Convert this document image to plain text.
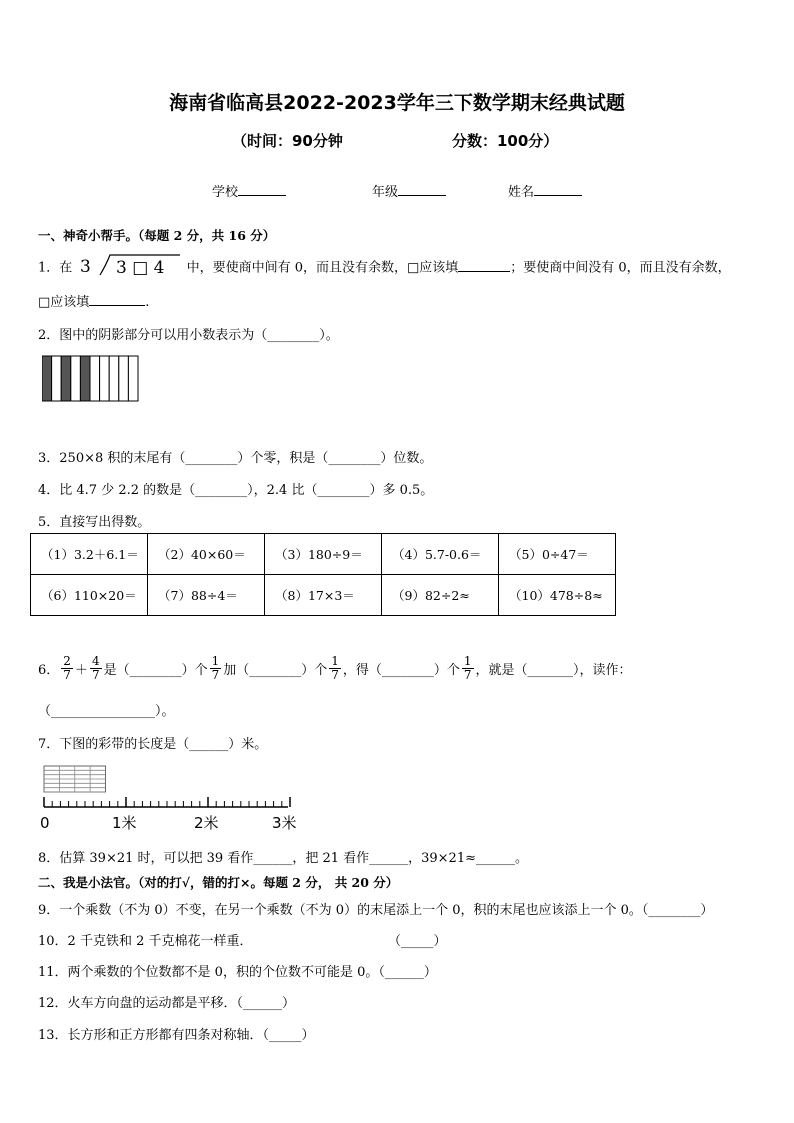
海南省临高县2022-2023学年三下数学期末经典试题
（时间：90分钟	分数：100分）
学校	年级	姓名
一、神奇小帮手。（每题 2 分，共 16 分）
1．在 3 3 □ 4 中，要使商中间有 0，而且没有余数，□应该填	；要使商中间没有 0，而且没有余数，
□应该填	.
2．图中的阴影部分可以用小数表示为（________）。
3．250×8 积的末尾有（________）个零，积是（________）位数。
4．比 4.7 少 2.2 的数是（________），2.4 比（________）多 0.5。
5．直接写出得数。
（1）3.2＋6.1＝	（2）40×60＝	（3）180÷9＝	（4）5.7-0.6＝	（5）0÷47＝
（6）110×20＝	（7）88÷4＝	（8）17×3＝	（9）82÷2≈	（10）478÷8≈
6． $\frac{2}{7} + \frac{4}{7}$ 是（________）个 $\frac{1}{7}$ 加（________）个 $\frac{1}{7}$ ，得（________）个 $\frac{1}{7}$ ，就是（_______），读作：
（________________）。
7．下图的彩带的长度是（______）米。
0	1米	2米	3米
8．估算 39×21 时，可以把 39 看作______，把 21 看作______，39×21≈______。
二、我是小法官。（对的打√，错的打×。每题 2 分， 共 20 分）
9．一个乘数（不为 0）不变，在另一个乘数（不为 0）的末尾添上一个 0，积的末尾也应该添上一个 0。（________）
10．2 千克铁和 2 千克棉花一样重．	（_____）
11．两个乘数的个位数都不是 0，积的个位数不可能是 0。（______）
12．火车方向盘的运动都是平移．（______）
13．长方形和正方形都有四条对称轴．（_____）
